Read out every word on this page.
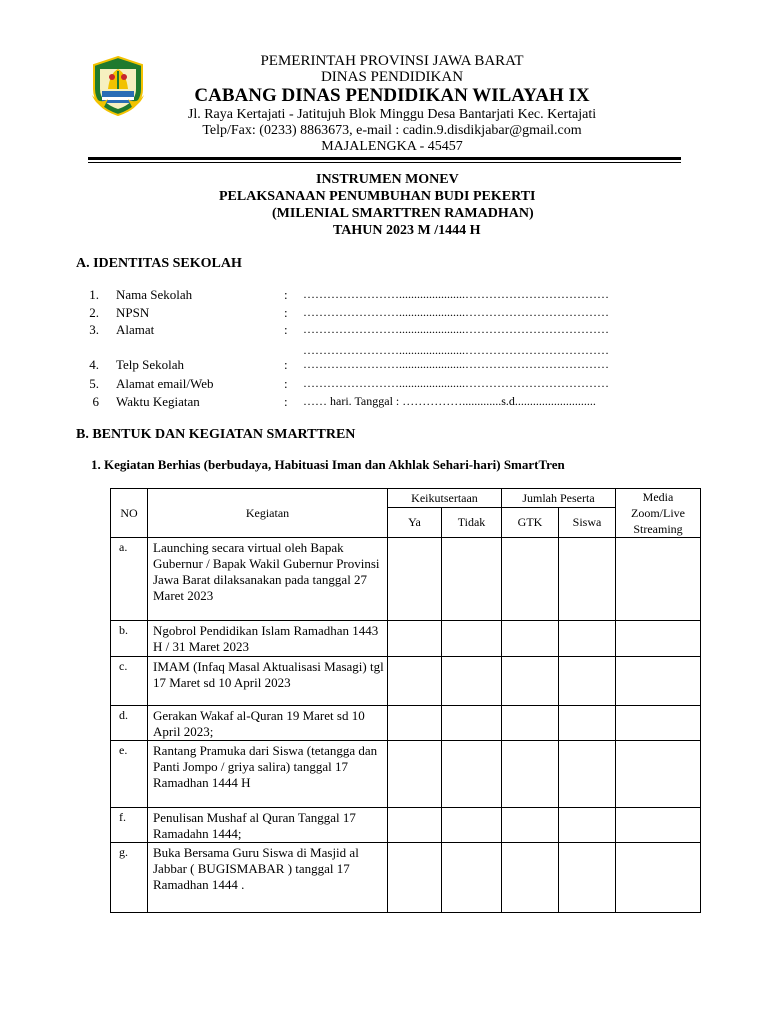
PEMERINTAH PROVINSI JAWA BARAT
DINAS PENDIDIKAN
CABANG DINAS PENDIDIKAN WILAYAH IX
Jl. Raya Kertajati - Jatitujuh Blok Minggu Desa Bantarjati Kec. Kertajati
Telp/Fax: (0233) 8863673, e-mail : cadin.9.disdikjabar@gmail.com
MAJALENGKA - 45457
INSTRUMEN MONEV
PELAKSANAAN PENUMBUHAN BUDI PEKERTI
(MILENIAL SMARTTREN RAMADHAN)
TAHUN 2023 M /1444 H
A. IDENTITAS SEKOLAH
1. Nama Sekolah	: ……………………......................………………………………
2. NPSN	: ……………………......................………………………………
3. Alamat	: ……………………......................………………………………
……………………......................………………………………
4. Telp Sekolah	: ……………………......................………………………………
5. Alamat email/Web	: ……………………......................………………………………
6 Waktu Kegiatan	: …… hari. Tanggal : …………….............s.d...........................
B. BENTUK DAN KEGIATAN SMARTTREN
1. Kegiatan Berhias (berbudaya, Habituasi Iman dan Akhlak Sehari-hari) SmartTren
NO	Kegiatan	Keikutsertaan		Jumlah Peserta		Media Zoom/Live Streaming
		Ya	Tidak	GTK	Siswa	
a.	Launching secara virtual oleh Bapak Gubernur / Bapak Wakil Gubernur Provinsi Jawa Barat dilaksanakan pada tanggal 27 Maret 2023					
b.	Ngobrol Pendidikan Islam Ramadhan 1443 H / 31 Maret 2023					
c.	IMAM (Infaq Masal Aktualisasi Masagi) tgl 17 Maret sd 10 April 2023					
d.	Gerakan Wakaf al-Quran 19 Maret sd 10 April 2023;					
e.	Rantang Pramuka dari Siswa (tetangga dan Panti Jompo / griya salira) tanggal 17 Ramadhan 1444 H					
f.	Penulisan Mushaf al Quran Tanggal 17 Ramadahn 1444;					
g.	Buka Bersama Guru Siswa di Masjid al Jabbar ( BUGISMABAR ) tanggal 17 Ramadhan 1444 .					
